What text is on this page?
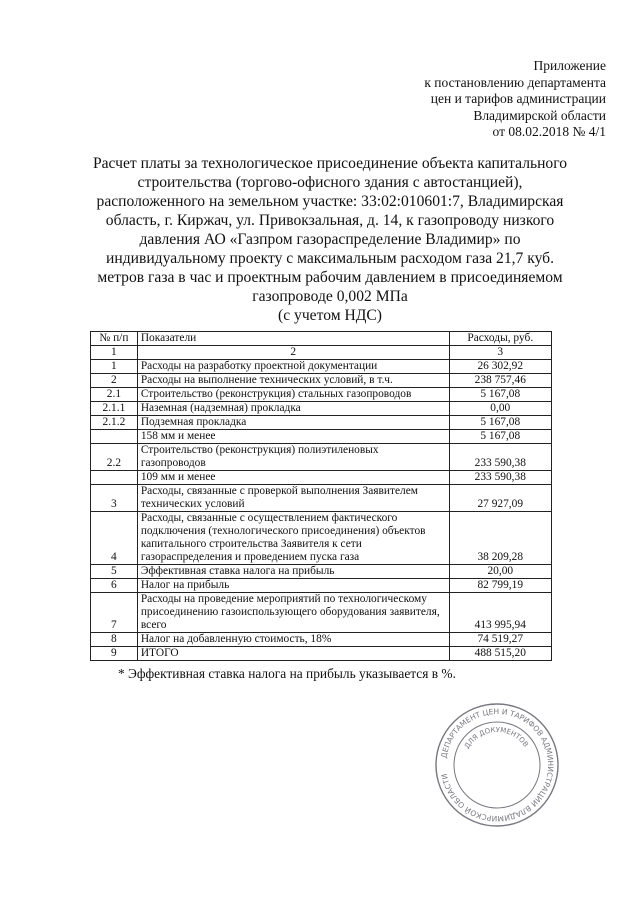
Приложение
к постановлению департамента
цен и тарифов администрации
Владимирской области
от 08.02.2018 № 4/1
Расчет платы за технологическое присоединение объекта капитального
строительства (торгово-офисного здания с автостанцией),
расположенного на земельном участке: 33:02:010601:7, Владимирская
область, г. Киржач, ул. Привокзальная, д. 14, к газопроводу низкого
давления АО «Газпром газораспределение Владимир» по
индивидуальному проекту с максимальным расходом газа 21,7 куб.
метров газа в час и проектным рабочим давлением в присоединяемом
газопроводе 0,002 МПа
(с учетом НДС)
№ п/п	Показатели	Расходы, руб.
1	2	3
1	Расходы на разработку проектной документации	26 302,92
2	Расходы на выполнение технических условий, в т.ч.	238 757,46
2.1	Строительство (реконструкция) стальных газопроводов	5 167,08
2.1.1	Наземная (надземная) прокладка	0,00
2.1.2	Подземная прокладка	5 167,08
	158 мм и менее	5 167,08
2.2	Строительство (реконструкция) полиэтиленовых газопроводов	233 590,38
	109 мм и менее	233 590,38
3	Расходы, связанные с проверкой выполнения Заявителем технических условий	27 927,09
4	Расходы, связанные с осуществлением фактического подключения (технологического присоединения) объектов капитального строительства Заявителя к сети газораспределения и проведением пуска газа	38 209,28
5	Эффективная ставка налога на прибыль	20,00
6	Налог на прибыль	82 799,19
7	Расходы на проведение мероприятий по технологическому присоединению газоиспользующего оборудования заявителя, всего	413 995,94
8	Налог на добавленную стоимость, 18%	74 519,27
9	ИТОГО	488 515,20
* Эффективная ставка налога на прибыль указывается в %.
ДЕПАРТАМЕНТ ЦЕН И ТАРИФОВ АДМИНИСТРАЦИИ ВЛАДИМИРСКОЙ ОБЛАСТИ
ДЛЯ ДОКУМЕНТОВ
